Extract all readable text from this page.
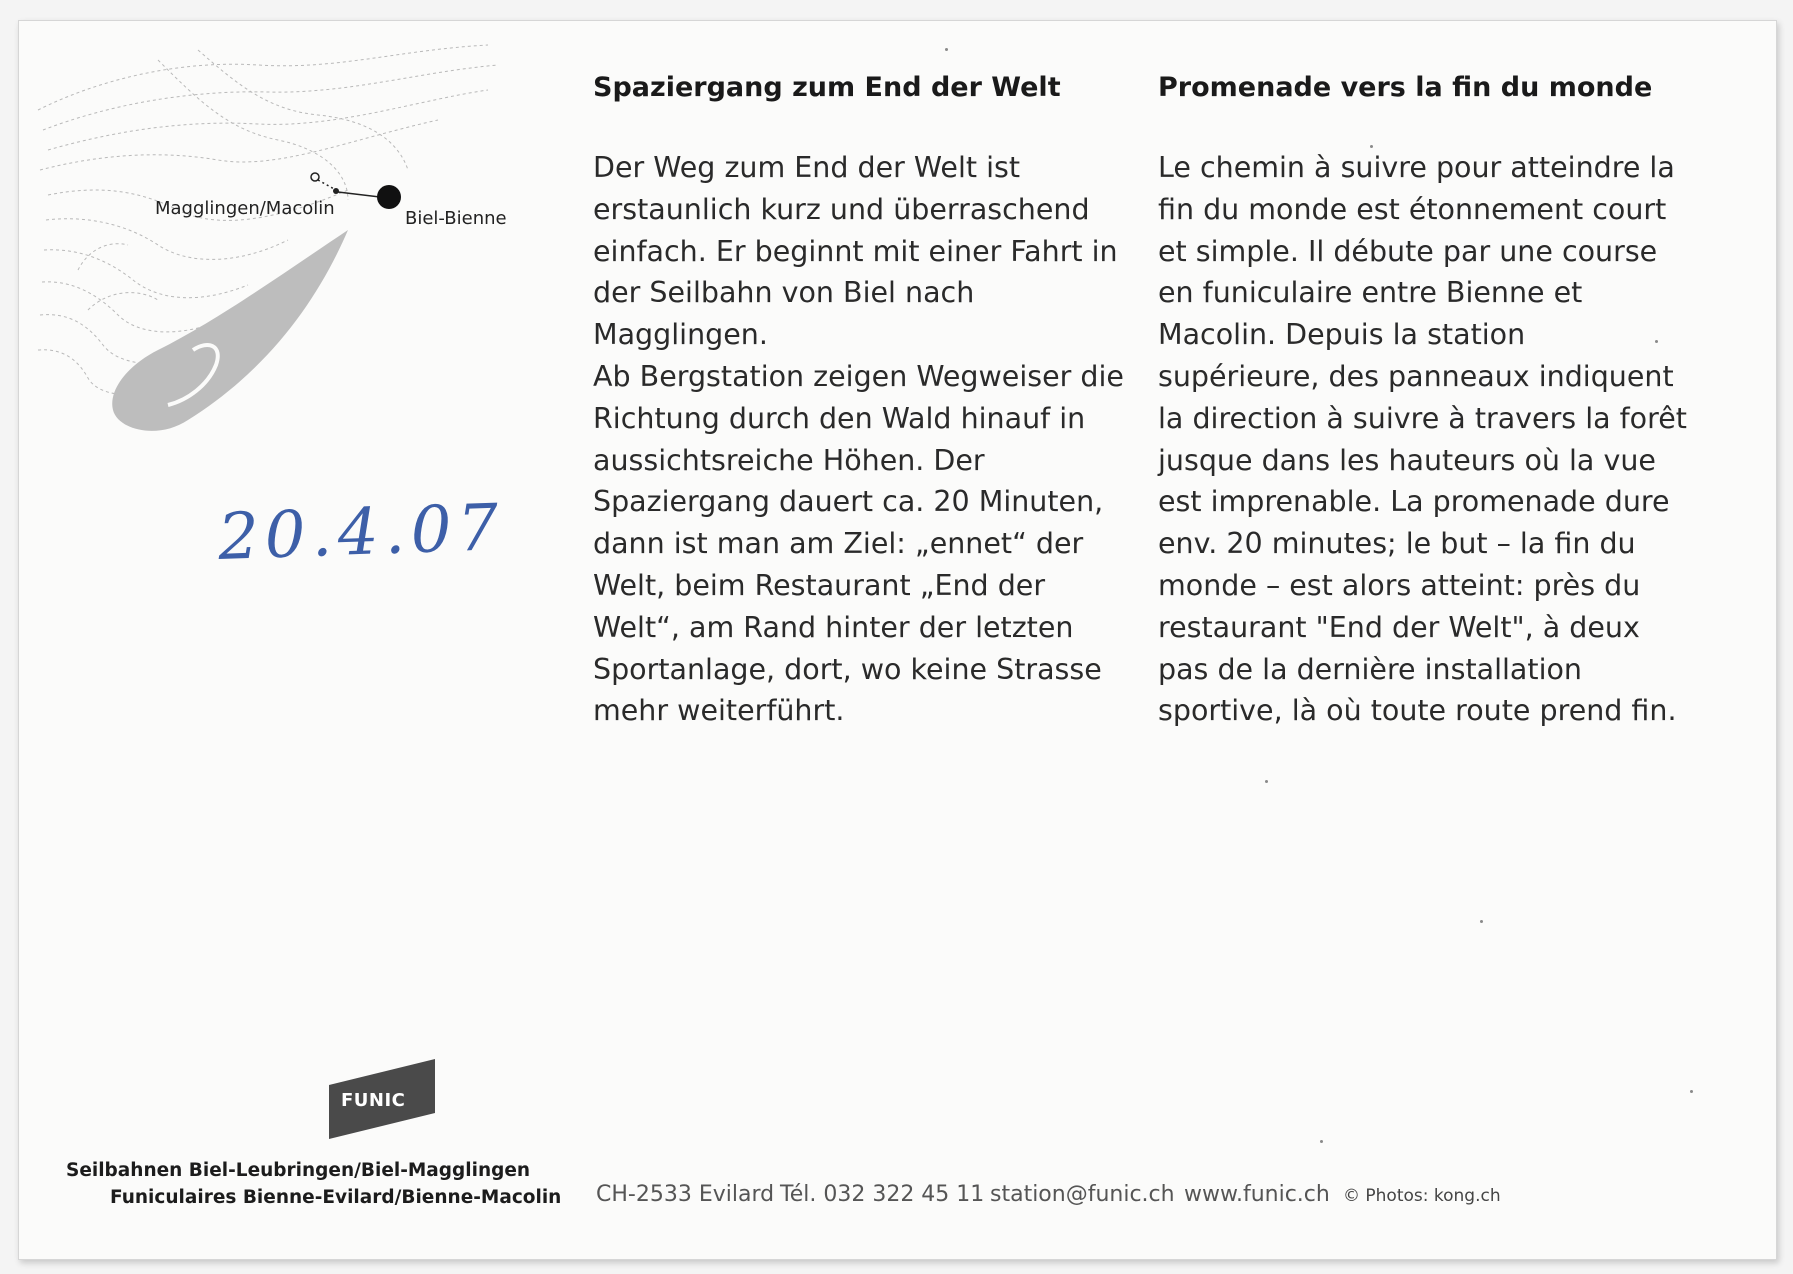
Magglingen/Macolin	Biel-Bienne
20.4.07
Spaziergang zum End der Welt

Der Weg zum End der Welt ist
erstaunlich kurz und überraschend
einfach. Er beginnt mit einer Fahrt in
der Seilbahn von Biel nach
Magglingen.
Ab Bergstation zeigen Wegweiser die
Richtung durch den Wald hinauf in
aussichtsreiche Höhen. Der
Spaziergang dauert ca. 20 Minuten,
dann ist man am Ziel: „ennet“ der
Welt, beim Restaurant „End der
Welt“, am Rand hinter der letzten
Sportanlage, dort, wo keine Strasse
mehr weiterführt.

Promenade vers la fin du monde

Le chemin à suivre pour atteindre la
fin du monde est étonnement court
et simple. Il débute par une course
en funiculaire entre Bienne et
Macolin. Depuis la station
supérieure, des panneaux indiquent
la direction à suivre à travers la forêt
jusque dans les hauteurs où la vue
est imprenable. La promenade dure
env. 20 minutes; le but – la fin du
monde – est alors atteint: près du
restaurant "End der Welt", à deux
pas de la dernière installation
sportive, là où toute route prend fin.

FUNIC
Seilbahnen Biel-Leubringen/Biel-Magglingen
Funiculaires Bienne-Evilard/Bienne-Macolin CH-2533 Evilard Tél. 032 322 45 11 station@funic.ch www.funic.ch © Photos: kong.ch
